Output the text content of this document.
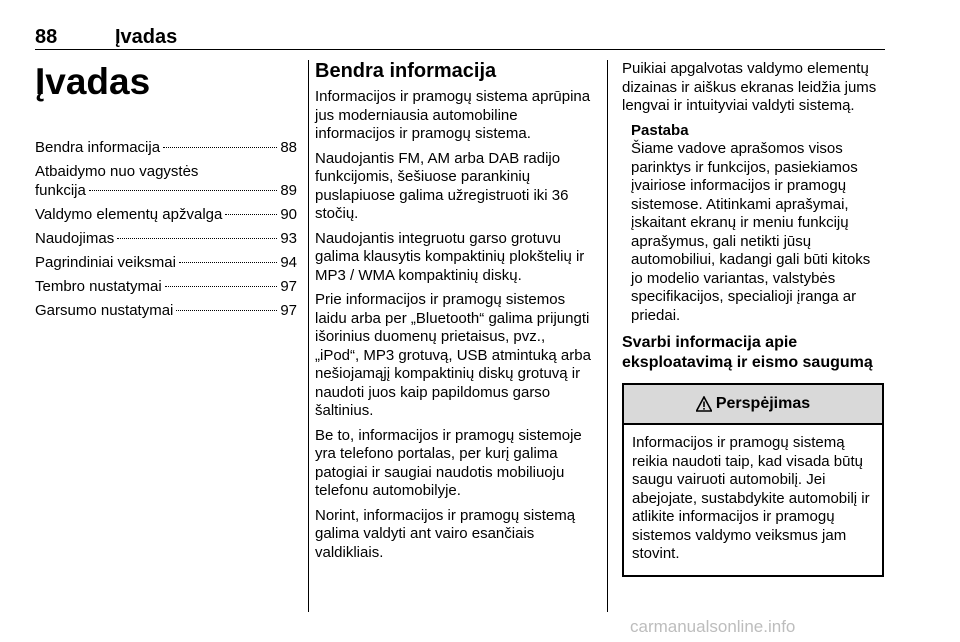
88	Įvadas
Įvadas
Bendra informacija	88
Atbaidymo nuo vagystės
funkcija	89
Valdymo elementų apžvalga	90
Naudojimas	93
Pagrindiniai veiksmai	94
Tembro nustatymai	97
Garsumo nustatymai	97
Bendra informacija

Informacijos ir pramogų sistema aprūpina jus moderniausia automobiline informacijos ir pramogų sistema.

Naudojantis FM, AM arba DAB radijo funkcijomis, šešiuose parankinių puslapiuose galima užregistruoti iki 36 stočių.

Naudojantis integruotu garso grotuvu galima klausytis kompaktinių plokštelių ir MP3 / WMA kompaktinių diskų.

Prie informacijos ir pramogų sistemos laidu arba per „Bluetooth“ galima prijungti išorinius duomenų prietaisus, pvz., „iPod“, MP3 grotuvą, USB atmintuką arba nešiojamąjį kompaktinių diskų grotuvą ir naudoti juos kaip papildomus garso šaltinius.

Be to, informacijos ir pramogų sistemoje yra telefono portalas, per kurį galima patogiai ir saugiai naudotis mobiliuoju telefonu automobilyje.

Norint, informacijos ir pramogų sistemą galima valdyti ant vairo esančiais valdikliais.

Puikiai apgalvotas valdymo elementų dizainas ir aiškus ekranas leidžia jums lengvai ir intuityviai valdyti sistemą.

Pastaba
Šiame vadove aprašomos visos parinktys ir funkcijos, pasiekiamos įvairiose informacijos ir pramogų sistemose. Atitinkami aprašymai, įskaitant ekranų ir meniu funkcijų aprašymus, gali netikti jūsų automobiliui, kadangi gali būti kitoks jo modelio variantas, valstybės specifikacijos, specialioji įranga ar priedai.
Svarbi informacija apie eksploatavimą ir eismo saugumą
Perspėjimas
Informacijos ir pramogų sistemą reikia naudoti taip, kad visada būtų saugu vairuoti automobilį. Jei abejojate, sustabdykite automobilį ir atlikite informacijos ir pramogų sistemos valdymo veiksmus jam stovint.
carmanualsonline.info
